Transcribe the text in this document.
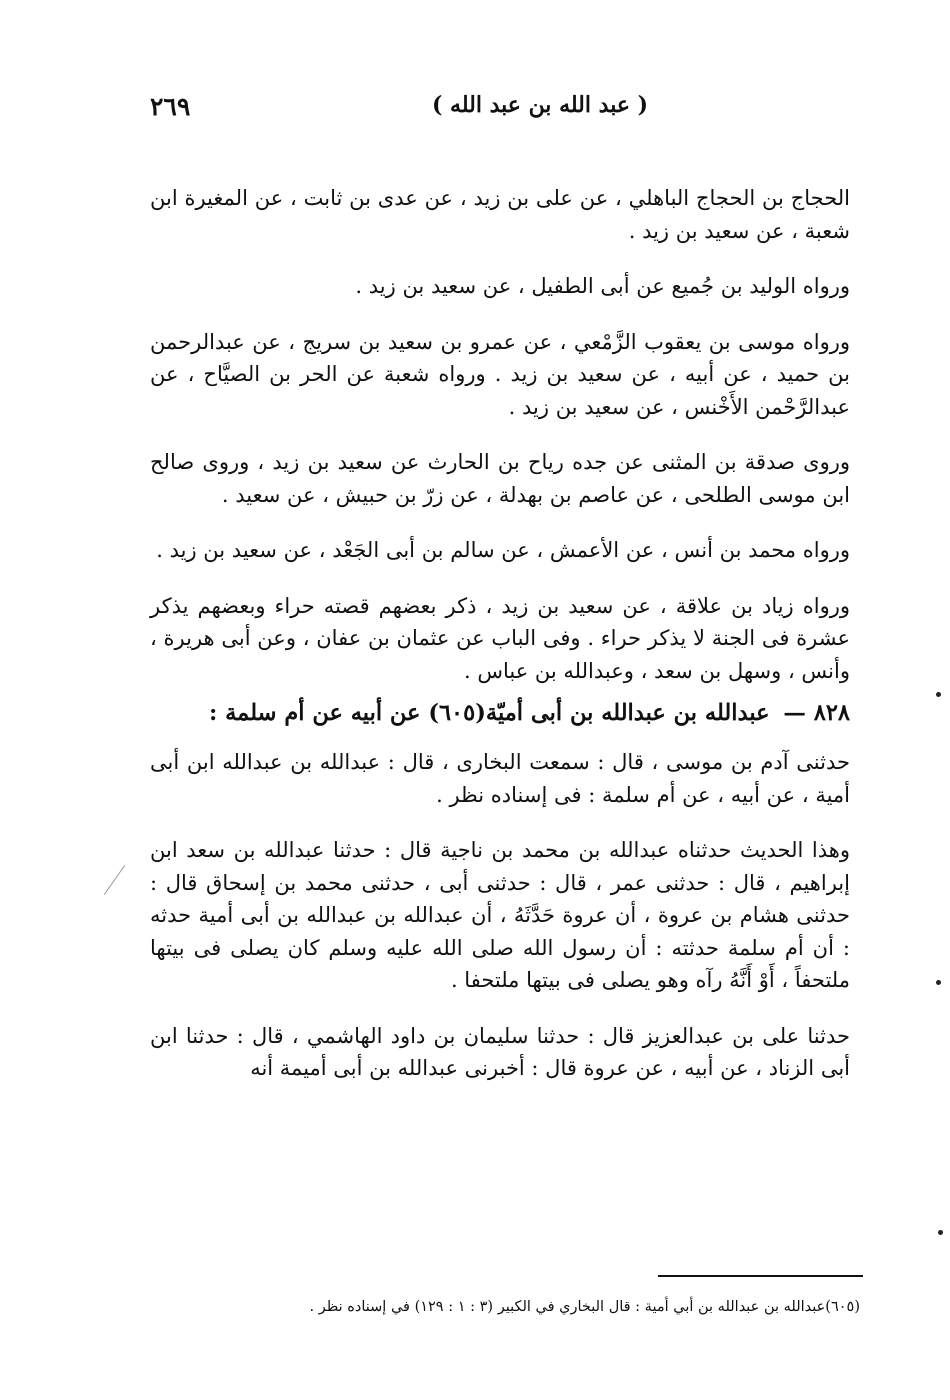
٢٦٩	( عبد الله بن عبد الله )

الحجاج بن الحجاج الباهلي ، عن على بن زيد ، عن عدى بن ثابت ، عن المغيرة ابن شعبة ، عن سعيد بن زيد .

ورواه الوليد بن جُميع عن أبى الطفيل ، عن سعيد بن زيد .

ورواه موسى بن يعقوب الزَّمْعي ، عن عمرو بن سعيد بن سريج ، عن عبدالرحمن بن حميد ، عن أبيه ، عن سعيد بن زيد . ورواه شعبة عن الحر بن الصيَّاح ، عن عبدالرَّحْمن الأَخْنس ، عن سعيد بن زيد .

وروى صدقة بن المثنى عن جده رياح بن الحارث عن سعيد بن زيد ، وروى صالح ابن موسى الطلحى ، عن عاصم بن بهدلة ، عن زرّ بن حبيش ، عن سعيد .

ورواه محمد بن أنس ، عن الأعمش ، عن سالم بن أبى الجَعْد ، عن سعيد بن زيد .

ورواه زياد بن علاقة ، عن سعيد بن زيد ، ذكر بعضهم قصته حراء وبعضهم يذكر عشرة فى الجنة لا يذكر حراء . وفى الباب عن عثمان بن عفان ، وعن أبى هريرة ، وأنس ، وسهل بن سعد ، وعبدالله بن عباس .

٨٢٨ — عبدالله بن عبدالله بن أبى أميّة(٦٠٥) عن أبيه عن أم سلمة :

حدثنى آدم بن موسى ، قال : سمعت البخارى ، قال : عبدالله بن عبدالله ابن أبى أمية ، عن أبيه ، عن أم سلمة : فى إسناده نظر .

وهذا الحديث حدثناه عبدالله بن محمد بن ناجية قال : حدثنا عبدالله بن سعد ابن إبراهيم ، قال : حدثنى عمر ، قال : حدثنى أبى ، حدثنى محمد بن إسحاق قال : حدثنى هشام بن عروة ، أن عروة حَدَّثَهُ ، أن عبدالله بن عبدالله بن أبى أمية حدثه : أن أم سلمة حدثته : أن رسول الله صلى الله عليه وسلم كان يصلى فى بيتها ملتحفاً ، أَوْ أَنَّهُ رآه وهو يصلى فى بيتها ملتحفا .

حدثنا على بن عبدالعزيز قال : حدثنا سليمان بن داود الهاشمي ، قال : حدثنا ابن أبى الزناد ، عن أبيه ، عن عروة قال : أخبرنى عبدالله بن أبى أميمة أنه

(٦٠٥)عبدالله بن عبدالله بن أبي أمية : قال البخاري في الكبير (٣ : ١ : ١٢٩) في إسناده نظر .
